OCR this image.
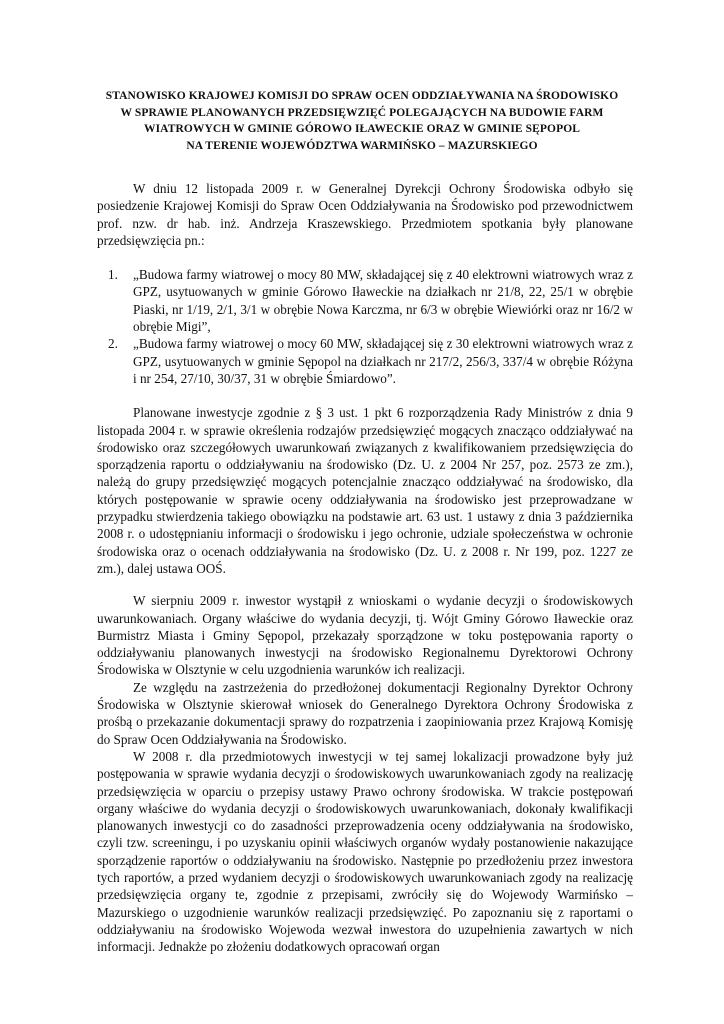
STANOWISKO KRAJOWEJ KOMISJI DO SPRAW OCEN ODDZIAŁYWANIA NA ŚRODOWISKO
W SPRAWIE PLANOWANYCH PRZEDSIĘWZIĘĆ POLEGAJĄCYCH NA BUDOWIE FARM
WIATROWYCH W GMINIE GÓROWO IŁAWECKIE ORAZ W GMINIE SĘPOPOL
NA TERENIE WOJEWÓDZTWA WARMIŃSKO – MAZURSKIEGO

W dniu 12 listopada 2009 r. w Generalnej Dyrekcji Ochrony Środowiska odbyło się posiedzenie Krajowej Komisji do Spraw Ocen Oddziaływania na Środowisko pod przewodnictwem prof. nzw. dr hab. inż. Andrzeja Kraszewskiego. Przedmiotem spotkania były planowane przedsięwzięcia pn.:

1. „Budowa farmy wiatrowej o mocy 80 MW, składającej się z 40 elektrowni wiatrowych wraz z GPZ, usytuowanych w gminie Górowo Iławeckie na działkach nr 21/8, 22, 25/1 w obrębie Piaski, nr 1/19, 2/1, 3/1 w obrębie Nowa Karczma, nr 6/3 w obrębie Wiewiórki oraz nr 16/2 w obrębie Migi”,
2. „Budowa farmy wiatrowej o mocy 60 MW, składającej się z 30 elektrowni wiatrowych wraz z GPZ, usytuowanych w gminie Sępopol na działkach nr 217/2, 256/3, 337/4 w obrębie Różyna i nr 254, 27/10, 30/37, 31 w obrębie Śmiardowo”.

Planowane inwestycje zgodnie z § 3 ust. 1 pkt 6 rozporządzenia Rady Ministrów z dnia 9 listopada 2004 r. w sprawie określenia rodzajów przedsięwzięć mogących znacząco oddziaływać na środowisko oraz szczegółowych uwarunkowań związanych z kwalifikowaniem przedsięwzięcia do sporządzenia raportu o oddziaływaniu na środowisko (Dz. U. z 2004 Nr 257, poz. 2573 ze zm.), należą do grupy przedsięwzięć mogących potencjalnie znacząco oddziaływać na środowisko, dla których postępowanie w sprawie oceny oddziaływania na środowisko jest przeprowadzane w przypadku stwierdzenia takiego obowiązku na podstawie art. 63 ust. 1 ustawy z dnia 3 października 2008 r. o udostępnianiu informacji o środowisku i jego ochronie, udziale społeczeństwa w ochronie środowiska oraz o ocenach oddziaływania na środowisko (Dz. U. z 2008 r. Nr 199, poz. 1227 ze zm.), dalej ustawa OOŚ.

W sierpniu 2009 r. inwestor wystąpił z wnioskami o wydanie decyzji o środowiskowych uwarunkowaniach. Organy właściwe do wydania decyzji, tj. Wójt Gminy Górowo Iławeckie oraz Burmistrz Miasta i Gminy Sępopol, przekazały sporządzone w toku postępowania raporty o oddziaływaniu planowanych inwestycji na środowisko Regionalnemu Dyrektorowi Ochrony Środowiska w Olsztynie w celu uzgodnienia warunków ich realizacji.

Ze względu na zastrzeżenia do przedłożonej dokumentacji Regionalny Dyrektor Ochrony Środowiska w Olsztynie skierował wniosek do Generalnego Dyrektora Ochrony Środowiska z prośbą o przekazanie dokumentacji sprawy do rozpatrzenia i zaopiniowania przez Krajową Komisję do Spraw Ocen Oddziaływania na Środowisko.

W 2008 r. dla przedmiotowych inwestycji w tej samej lokalizacji prowadzone były już postępowania w sprawie wydania decyzji o środowiskowych uwarunkowaniach zgody na realizację przedsięwzięcia w oparciu o przepisy ustawy Prawo ochrony środowiska. W trakcie postępowań organy właściwe do wydania decyzji o środowiskowych uwarunkowaniach, dokonały kwalifikacji planowanych inwestycji co do zasadności przeprowadzenia oceny oddziaływania na środowisko, czyli tzw. screeningu, i po uzyskaniu opinii właściwych organów wydały postanowienie nakazujące sporządzenie raportów o oddziaływaniu na środowisko. Następnie po przedłożeniu przez inwestora tych raportów, a przed wydaniem decyzji o środowiskowych uwarunkowaniach zgody na realizację przedsięwzięcia organy te, zgodnie z przepisami, zwróciły się do Wojewody Warmińsko – Mazurskiego o uzgodnienie warunków realizacji przedsięwzięć. Po zapoznaniu się z raportami o oddziaływaniu na środowisko Wojewoda wezwał inwestora do uzupełnienia zawartych w nich informacji. Jednakże po złożeniu dodatkowych opracowań organ
